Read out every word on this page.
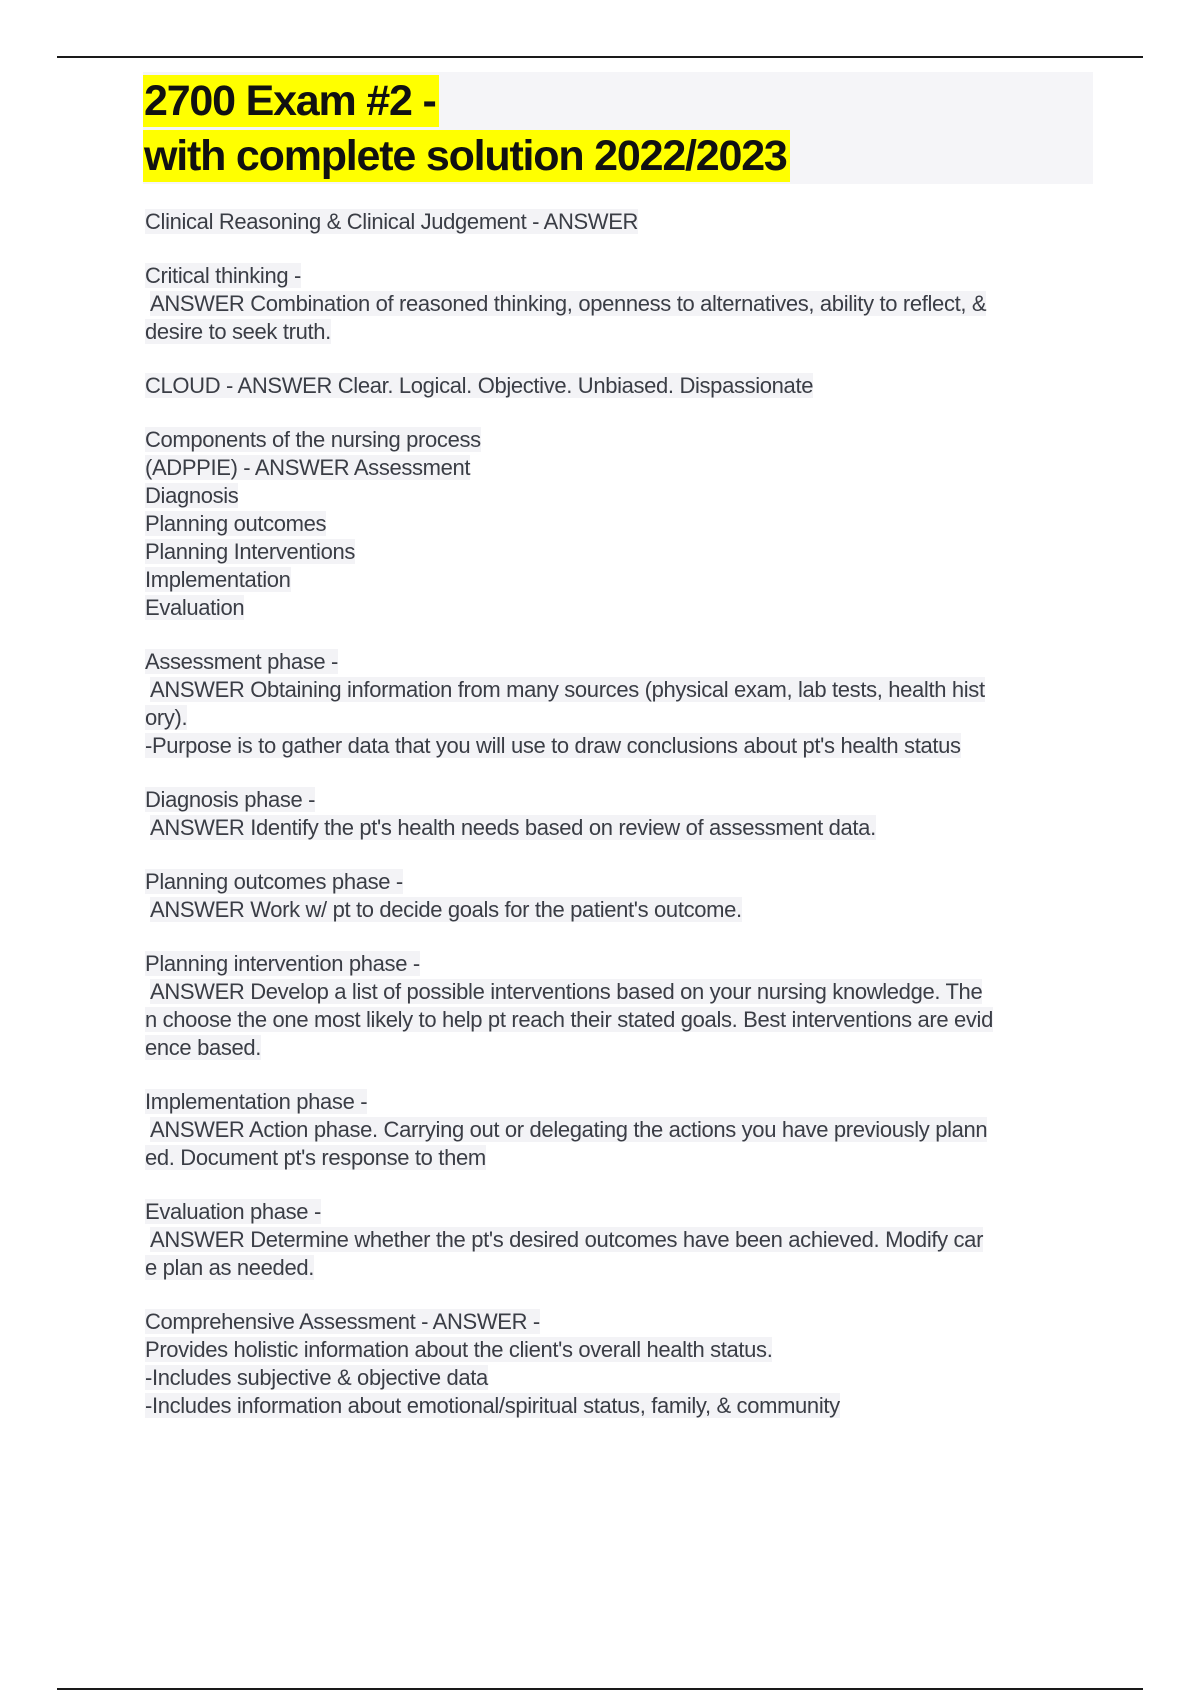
2700 Exam #2 -
with complete solution 2022/2023
Clinical Reasoning & Clinical Judgement - ANSWER
Critical thinking -
ANSWER Combination of reasoned thinking, openness to alternatives, ability to reflect, &
desire to seek truth.
CLOUD - ANSWER Clear. Logical. Objective. Unbiased. Dispassionate
Components of the nursing process
(ADPPIE) - ANSWER Assessment
Diagnosis
Planning outcomes
Planning Interventions
Implementation
Evaluation
Assessment phase -
ANSWER Obtaining information from many sources (physical exam, lab tests, health hist
ory).
-Purpose is to gather data that you will use to draw conclusions about pt's health status
Diagnosis phase -
ANSWER Identify the pt's health needs based on review of assessment data.
Planning outcomes phase -
ANSWER Work w/ pt to decide goals for the patient's outcome.
Planning intervention phase -
ANSWER Develop a list of possible interventions based on your nursing knowledge. The
n choose the one most likely to help pt reach their stated goals. Best interventions are evid
ence based.
Implementation phase -
ANSWER Action phase. Carrying out or delegating the actions you have previously plann
ed. Document pt's response to them
Evaluation phase -
ANSWER Determine whether the pt's desired outcomes have been achieved. Modify car
e plan as needed.
Comprehensive Assessment - ANSWER -
Provides holistic information about the client's overall health status.
-Includes subjective & objective data
-Includes information about emotional/spiritual status, family, & community
